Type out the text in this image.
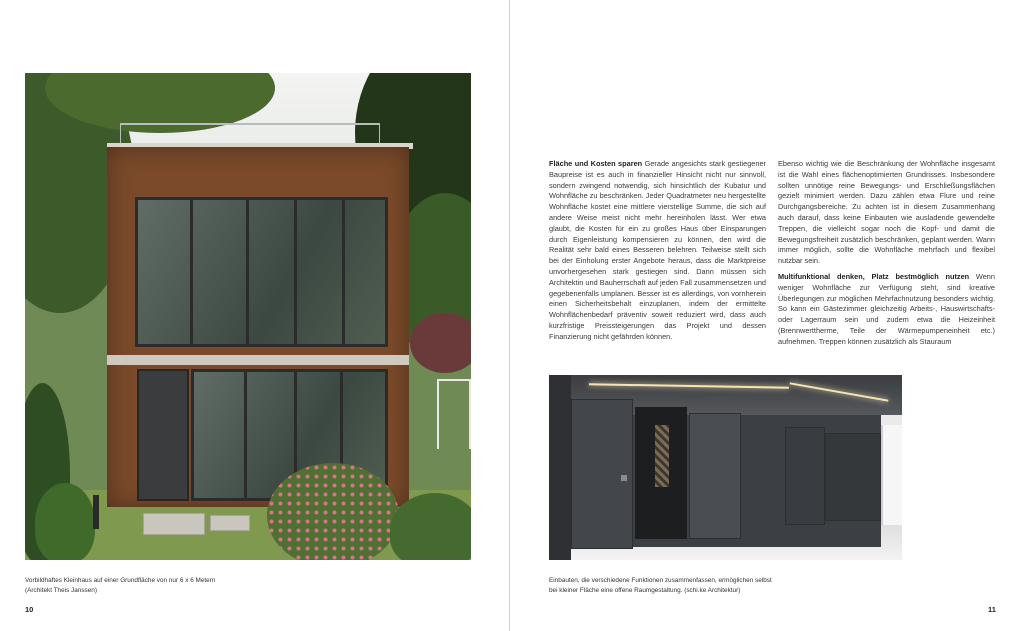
Vorbildhaftes Kleinhaus auf einer Grundfläche von nur 6 x 6 Metern
(Architekt Theis Janssen)
10

Fläche und Kosten sparen Gerade angesichts stark gestiegener Baupreise ist es auch in finanzieller Hinsicht nicht nur sinnvoll, sondern zwingend notwendig, sich hinsichtlich der Kubatur und Wohnfläche zu beschränken. Jeder Quadratmeter neu hergestellte Wohnfläche kostet eine mittlere vierstellige Summe, die sich auf andere Weise meist nicht mehr hereinholen lässt. Wer etwa glaubt, die Kosten für ein zu großes Haus über Einsparungen durch Eigenleistung kompensieren zu können, den wird die Realität sehr bald eines Besseren belehren. Teilweise stellt sich bei der Einholung erster Angebote heraus, dass die Marktpreise unvorhergesehen stark gestiegen sind. Dann müssen sich Architektin und Bauherrschaft auf jeden Fall zusammensetzen und gegebenenfalls umplanen. Besser ist es allerdings, von vornherein einen Sicherheitsbehalt einzuplanen, indem der ermittelte Wohnflächenbedarf präventiv soweit reduziert wird, dass auch kurzfristige Preissteigerungen das Projekt und dessen Finanzierung nicht gefährden können.

Ebenso wichtig wie die Beschränkung der Wohnfläche insgesamt ist die Wahl eines flächenoptimierten Grundrisses. Insbesondere sollten unnötige reine Bewegungs- und Erschließungsflächen gezielt minimiert werden. Dazu zählen etwa Flure und reine Durchgangsbereiche. Zu achten ist in diesem Zusammenhang auch darauf, dass keine Einbauten wie ausladende gewendelte Treppen, die vielleicht sogar noch die Kopf- und damit die Bewegungsfreiheit zusätzlich beschränken, geplant werden. Wann immer möglich, sollte die Wohnfläche mehrfach und flexibel nutzbar sein.

Multifunktional denken, Platz bestmöglich nutzen Wenn weniger Wohnfläche zur Verfügung steht, sind kreative Überlegungen zur möglichen Mehrfachnutzung besonders wichtig. So kann ein Gästezimmer gleichzeitig Arbeits-, Hauswirtschafts- oder Lagerraum sein und zudem etwa die Heizeinheit (Brennwerttherme, Teile der Wärmepumpeneinheit etc.) aufnehmen. Treppen können zusätzlich als Stauraum

Einbauten, die verschiedene Funktionen zusammenfassen, ermöglichen selbst
bei kleiner Fläche eine offene Raumgestaltung. (schi.ke Architektur)
11
